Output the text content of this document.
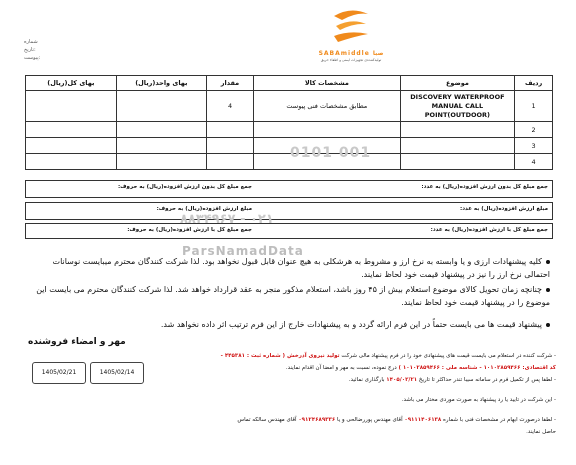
شماره
تاریخ:
پیوست:
SABAmiddle صبا
تولیدکننده‌ی تجهیزات ایمنی و اطفاء حریق
ردیف	موضوع	مشخصات کالا	مقدار	بهای واحد(ریال)	بهای کل(ریال)
1	DISCOVERY WATERPROOF MANUAL CALL POINT(OUTDOOR)	مطابق مشخصات فنی پیوست	4		
2					
3					
4					
جمع مبلغ کل بدون ارزش افزوده(ریال) به عدد:
جمع مبلغ کل بدون ارزش افزوده(ریال) به حروف:
مبلغ ارزش افزوده(ریال) به عدد:
مبلغ ارزش افزوده(ریال) به حروف:
جمع مبلغ کل با ارزش افزوده(ریال) به عدد:
جمع مبلغ کل با ارزش افزوده(ریال) به حروف:
0101 001
۸۸۳۴۹۶۷ - ۰۲۱
ParsNamadData
کلیه پیشنهادات ارزی و یا وابسته به نرخ ارز و مشروط به هرشکلی به هیچ عنوان قابل قبول نخواهد بود. لذا شرکت کنندگان محترم میبایست نوسانات احتمالی نرخ ارز را نیز در پیشنهاد قیمت خود لحاظ نمایند.
چنانچه زمان تحویل کالای موضوع استعلام بیش از ۴۵ روز باشد، استعلام مذکور منجر به عقد قرارداد خواهد شد. لذا شرکت کنندگان محترم می بایست این موضوع را در پیشنهاد قیمت خود لحاظ نمایند.
پیشنهاد قیمت ها می بایست حتماً در این فرم ارائه گردد و به پیشنهادات خارج از این فرم ترتیب اثر داده نخواهد شد.
مهر و امضاء فروشنده
- شرکت کننده در استعلام می بایست قیمت های پیشنهادی خود را در فرم پیشنهاد مالی شرکت تولید نیروی آذرخش ( شماره ثبت : ۴۴۵۳۸۱ -
کد اقتصادی: ۱۰۱۰۲۸۵۹۴۶۶ - شناسه ملی : ۱۰۱۰۲۸۵۹۴۶۶ ) درج نموده، نسبت به مهر و امضا آن اقدام نمایند.
- لطفا پس از تکمیل فرم در سامانه سیبا تندر حداکثر تا تاریخ ۱۴۰۵/۰۲/۲۱ بارگذاری نمائید.
- این شرکت در تایید یا رد پیشنهاد به صورت موردی مختار می باشد.
- لطفا درصورت ابهام در مشخصات فنی با شماره ۰۹۱۱۱۴۰۶۱۳۸ آقای مهندس پوررضالحی و یا ۰۹۱۲۴۶۸۹۳۳۶ آقای مهندس سالکه تماس
حاصل نمایند.
1405/02/14
1405/02/21
